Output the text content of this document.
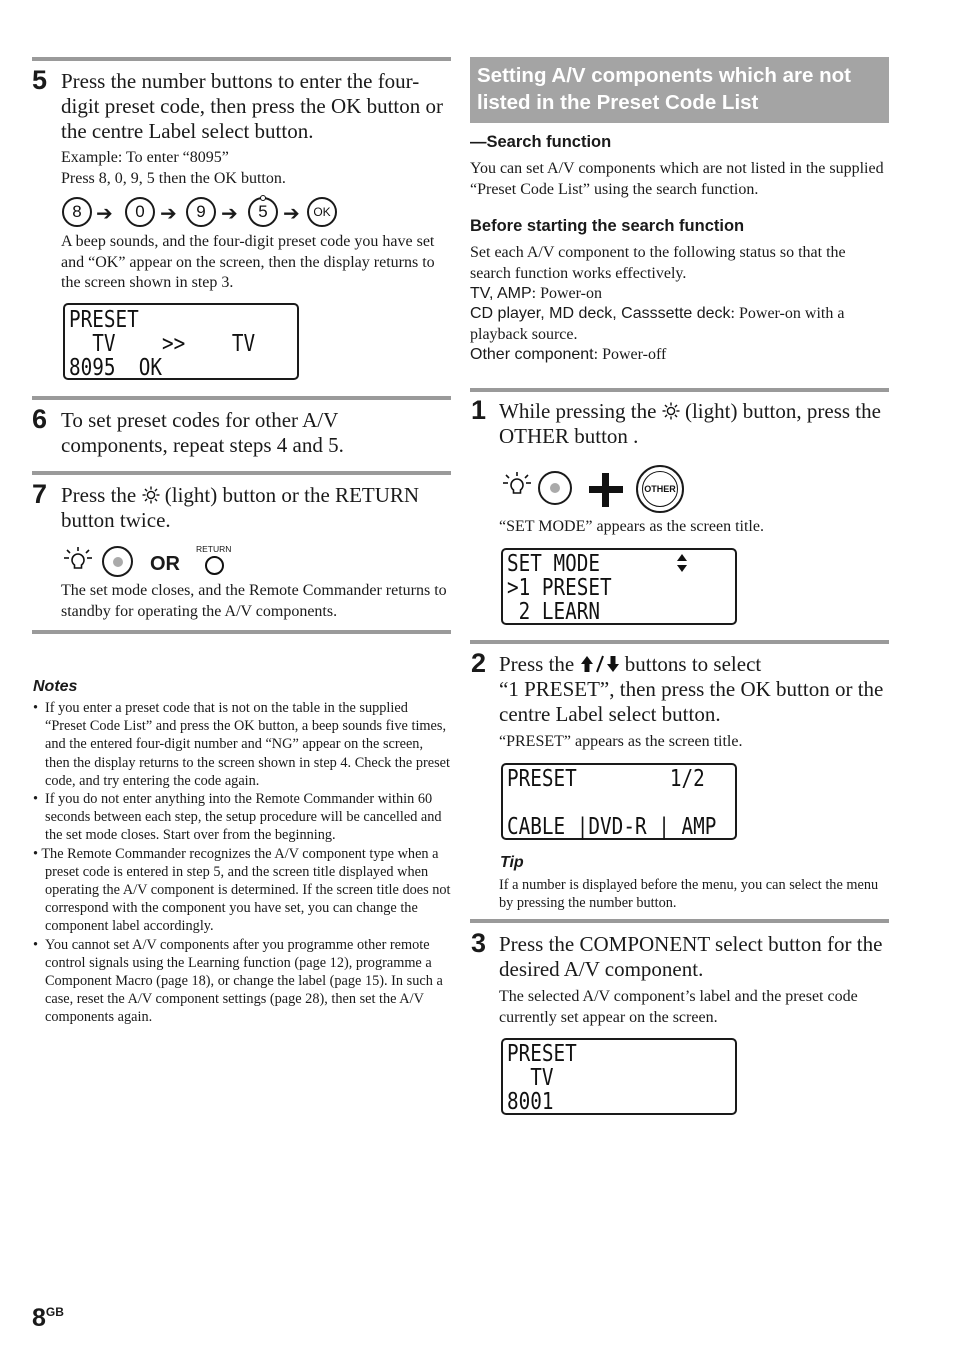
5 Press the number buttons to enter the four-digit preset code, then press the OK button or the centre Label select button.
Example: To enter “8095”
Press 8, 0, 9, 5 then the OK button.
8 ➔	0 ➔	9 ➔	5 ➔	OK
A beep sounds, and the four-digit preset code you have set and “OK” appear on the screen, then the display returns to the screen shown in step 3.
PRESET
TV    >>    TV
8095  OK
6 To set preset codes for other A/V components, repeat steps 4 and 5.
7 Press the (light) button or the RETURN button twice.
OR
RETURN
The set mode closes, and the Remote Commander returns to standby for operating the A/V components.
Notes
• If you enter a preset code that is not on the table in the supplied “Preset Code List” and press the OK button, a beep sounds five times, and the entered four-digit number and “NG” appear on the screen, then the display returns to the screen shown in step 4. Check the preset code, and try entering the code again.
• If you do not enter anything into the Remote Commander within 60 seconds between each step, the setup procedure will be cancelled and the set mode closes. Start over from the beginning.
• The Remote Commander recognizes the A/V component type when a preset code is entered in step 5, and the screen title displayed when operating the A/V component is determined. If the screen title does not correspond with the component you have set, you can change the component label accordingly.
• You cannot set A/V components after you programme other remote control signals using the Learning function (page 12), programme a Component Macro (page 18), or change the label (page 15). In such a case, reset the A/V component settings (page 28), then set the A/V components again.
Setting A/V components which are not listed in the Preset Code List
—Search function
You can set A/V components which are not listed in the supplied “Preset Code List” using the search function.
Before starting the search function
Set each A/V component to the following status so that the search function works effectively.
TV, AMP: Power-on
CD player, MD deck, Casssette deck: Power-on with a playback source.
Other component: Power-off
1 While pressing the (light) button, press the OTHER button .
OTHER
“SET MODE” appears as the screen title.
SET MODE
>1 PRESET
2 LEARN
2 Press the buttons to select
“1 PRESET”, then press the OK button or the centre Label select button.
“PRESET” appears as the screen title.
PRESET        1/2
CABLE |DVD-R | AMP
Tip
If a number is displayed before the menu, you can select the menu by pressing the number button.
3 Press the COMPONENT select button for the desired A/V component.
The selected A/V component’s label and the preset code currently set appear on the screen.
PRESET
TV
8001
$8^{GB}$
